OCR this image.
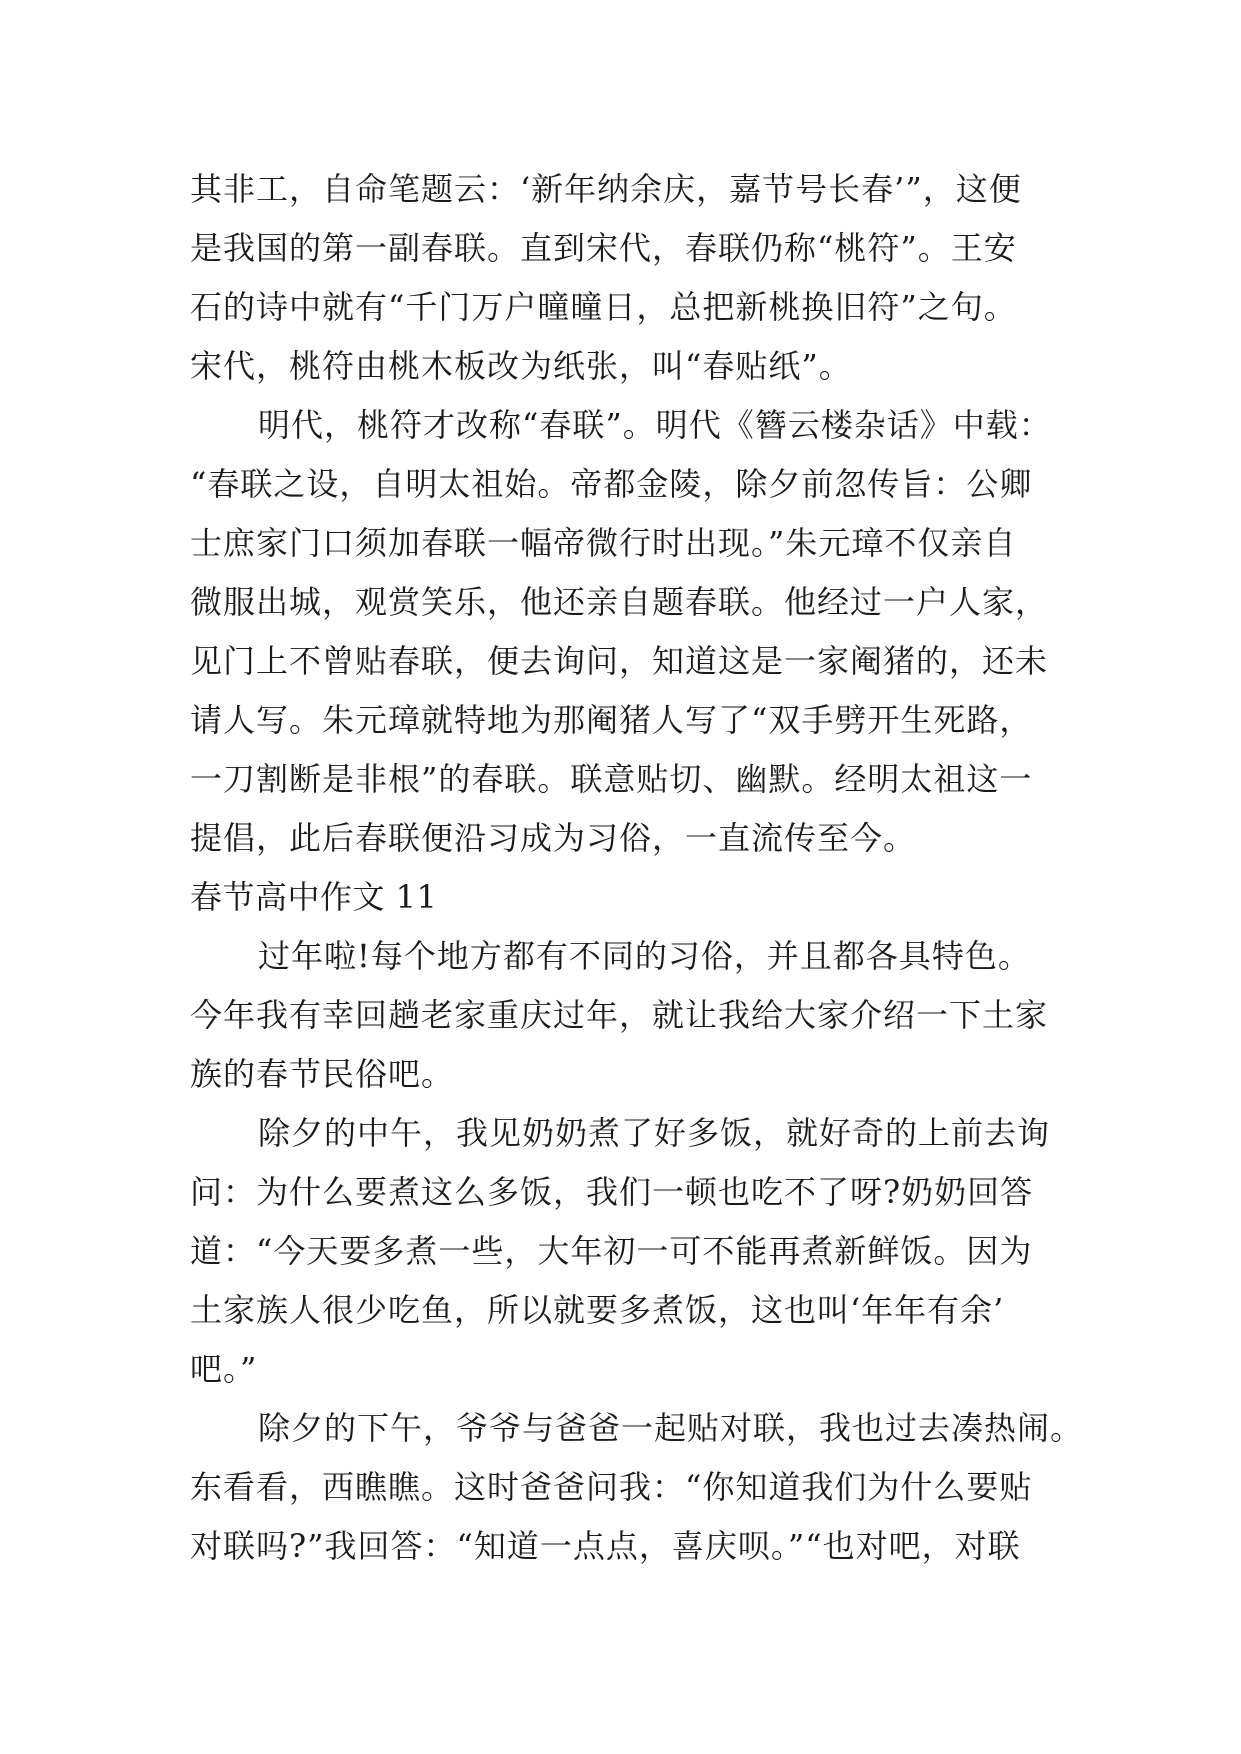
其非工，自命笔题云：‘新年纳余庆，嘉节号长春’”，这便
是我国的第一副春联。直到宋代，春联仍称“桃符”。王安
石的诗中就有“千门万户曈曈日，总把新桃换旧符”之句。
宋代，桃符由桃木板改为纸张，叫“春贴纸”。
明代，桃符才改称“春联”。明代《簪云楼杂话》中载：
“春联之设，自明太祖始。帝都金陵，除夕前忽传旨：公卿
士庶家门口须加春联一幅帝微行时出现。”朱元璋不仅亲自
微服出城，观赏笑乐，他还亲自题春联。他经过一户人家，
见门上不曾贴春联，便去询问，知道这是一家阉猪的，还未
请人写。朱元璋就特地为那阉猪人写了“双手劈开生死路，
一刀割断是非根”的春联。联意贴切、幽默。经明太祖这一
提倡，此后春联便沿习成为习俗，一直流传至今。
春节高中作文 11
过年啦!每个地方都有不同的习俗，并且都各具特色。
今年我有幸回趟老家重庆过年，就让我给大家介绍一下土家
族的春节民俗吧。
除夕的中午，我见奶奶煮了好多饭，就好奇的上前去询
问：为什么要煮这么多饭，我们一顿也吃不了呀?奶奶回答
道：“今天要多煮一些，大年初一可不能再煮新鲜饭。因为
土家族人很少吃鱼，所以就要多煮饭，这也叫‘年年有余’
吧。”
除夕的下午，爷爷与爸爸一起贴对联，我也过去凑热闹。
东看看，西瞧瞧。这时爸爸问我：“你知道我们为什么要贴
对联吗?”我回答：“知道一点点，喜庆呗。”“也对吧，对联
